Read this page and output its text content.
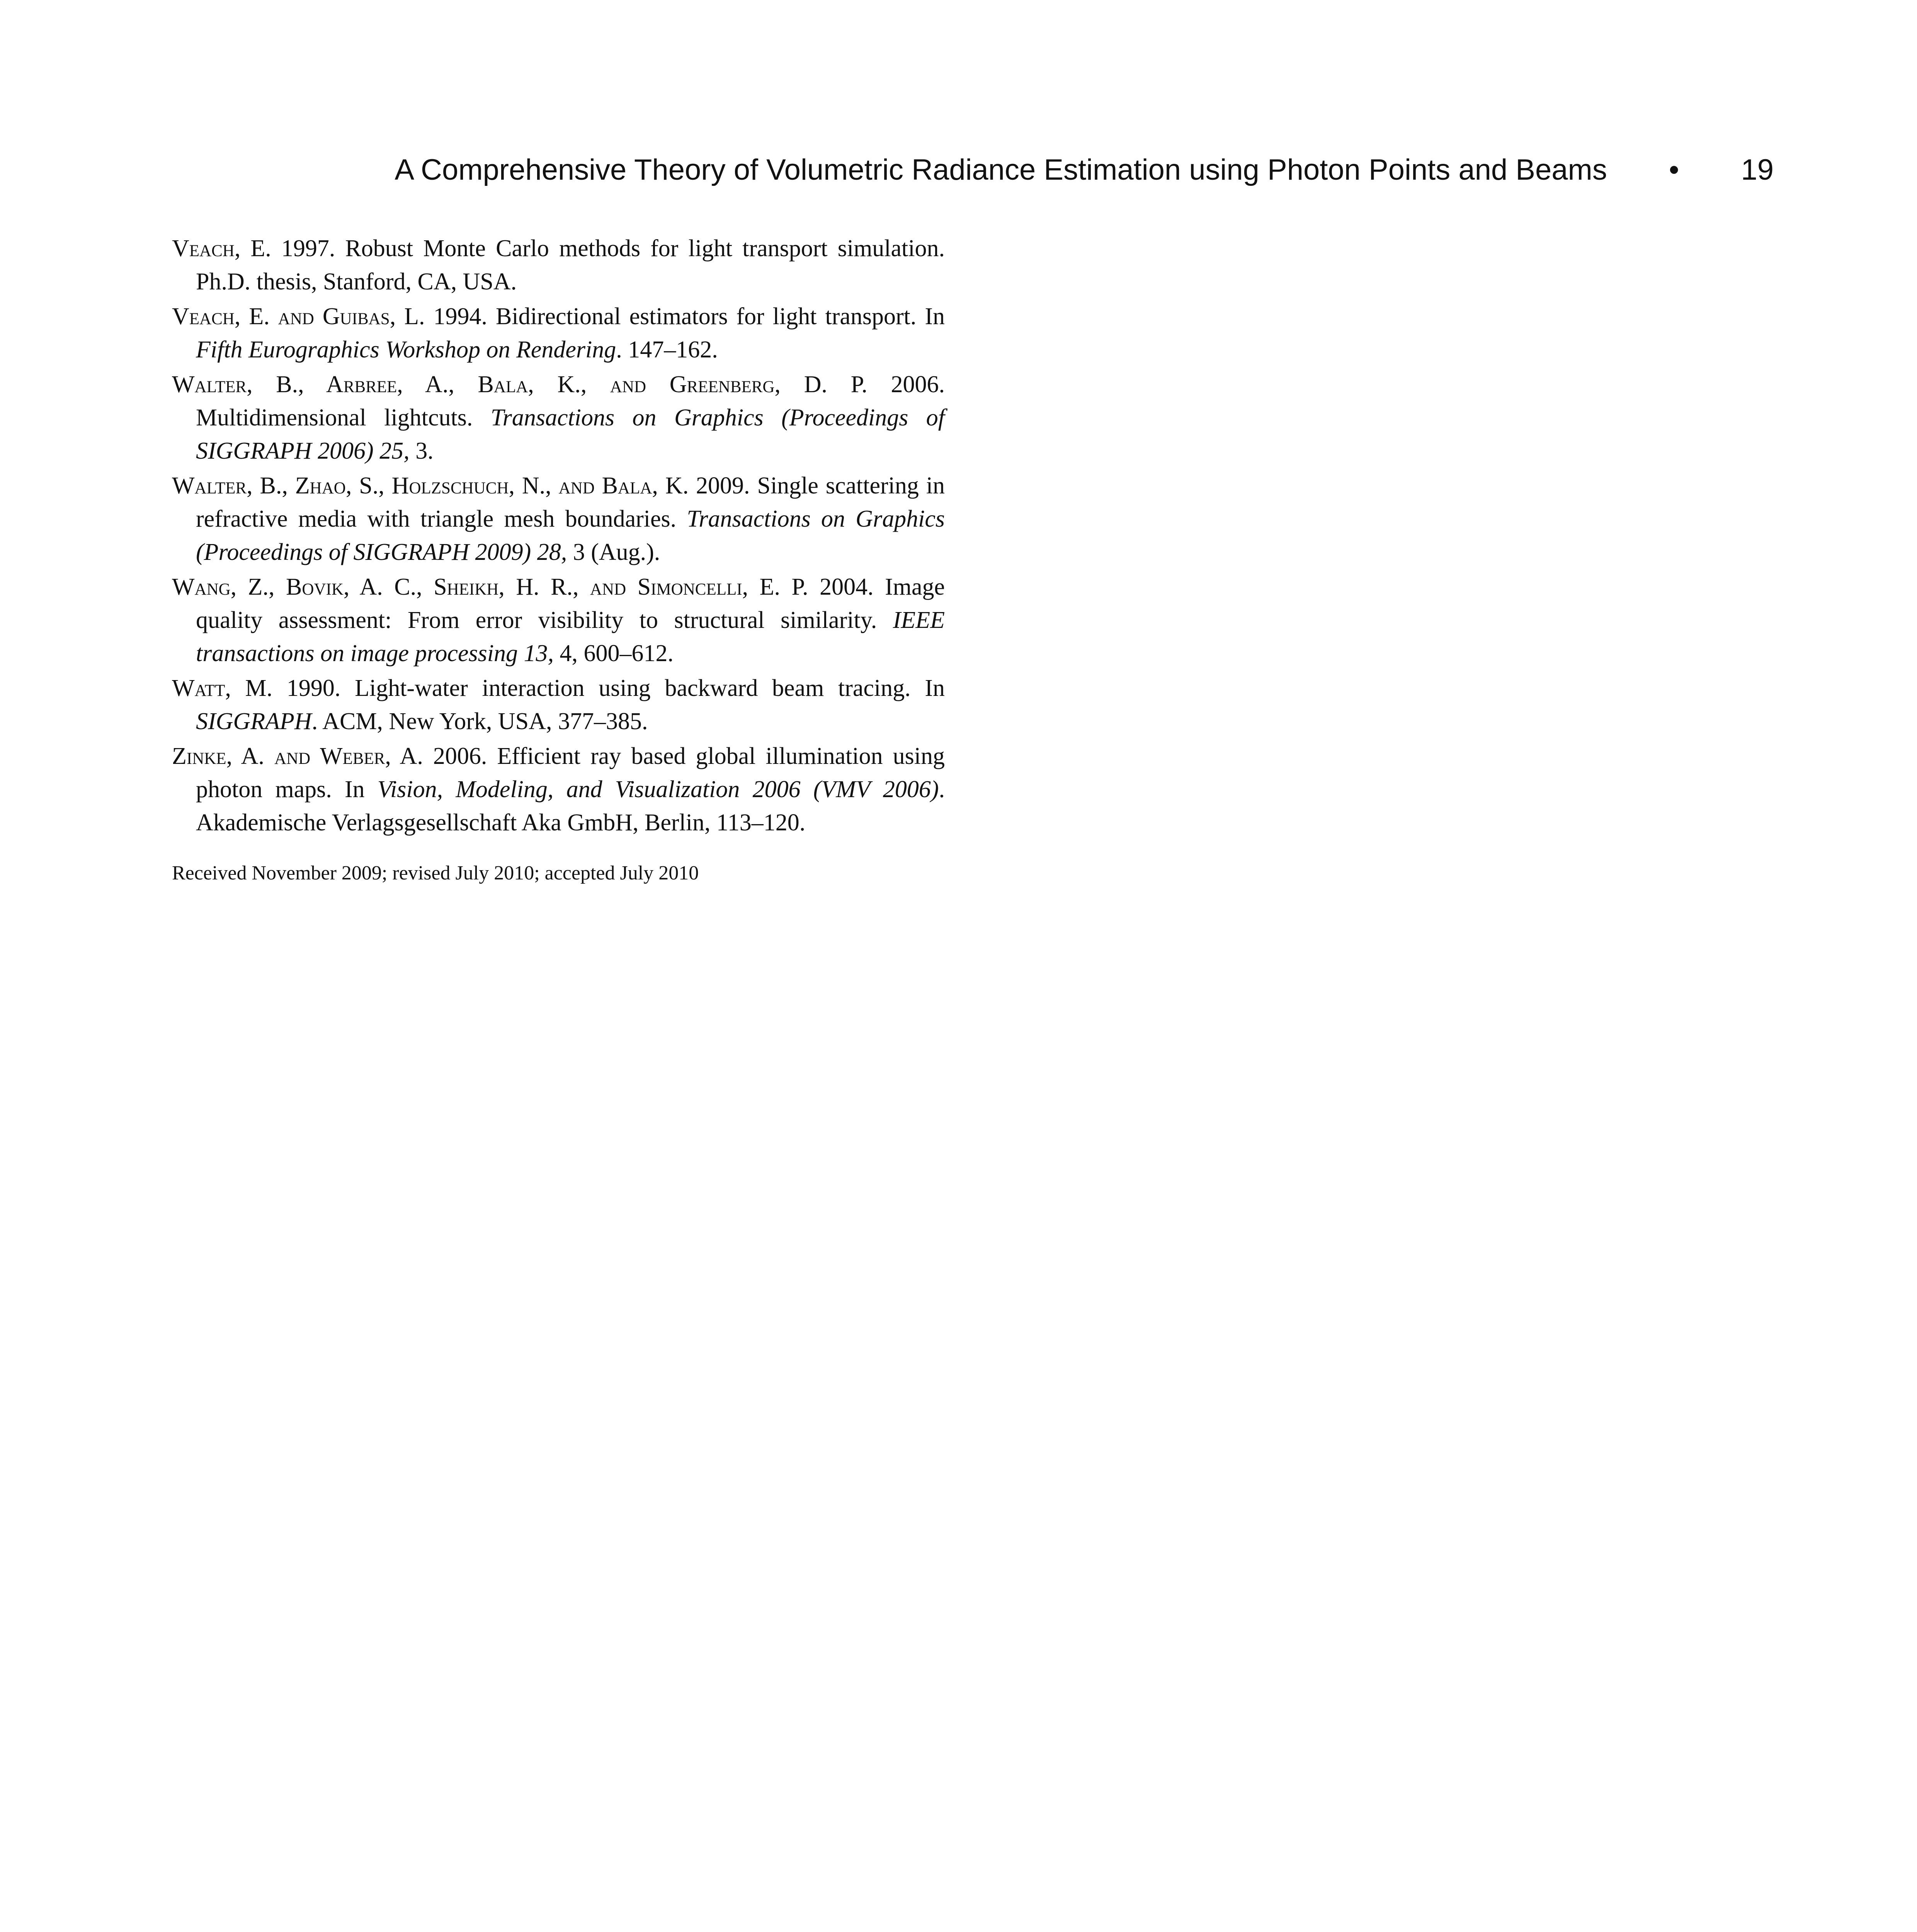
A Comprehensive Theory of Volumetric Radiance Estimation using Photon Points and Beams • 19

Veach, E. 1997. Robust Monte Carlo methods for light transport simulation. Ph.D. thesis, Stanford, CA, USA.

Veach, E. and Guibas, L. 1994. Bidirectional estimators for light transport. In Fifth Eurographics Workshop on Rendering. 147–162.

Walter, B., Arbree, A., Bala, K., and Greenberg, D. P. 2006. Multidimensional lightcuts. Transactions on Graphics (Proceedings of SIGGRAPH 2006) 25, 3.

Walter, B., Zhao, S., Holzschuch, N., and Bala, K. 2009. Single scattering in refractive media with triangle mesh boundaries. Transactions on Graphics (Proceedings of SIGGRAPH 2009) 28, 3 (Aug.).

Wang, Z., Bovik, A. C., Sheikh, H. R., and Simoncelli, E. P. 2004. Image quality assessment: From error visibility to structural similarity. IEEE transactions on image processing 13, 4, 600–612.

Watt, M. 1990. Light-water interaction using backward beam tracing. In SIGGRAPH. ACM, New York, USA, 377–385.

Zinke, A. and Weber, A. 2006. Efficient ray based global illumination using photon maps. In Vision, Modeling, and Visualization 2006 (VMV 2006). Akademische Verlagsgesellschaft Aka GmbH, Berlin, 113–120.

Received November 2009; revised July 2010; accepted July 2010
